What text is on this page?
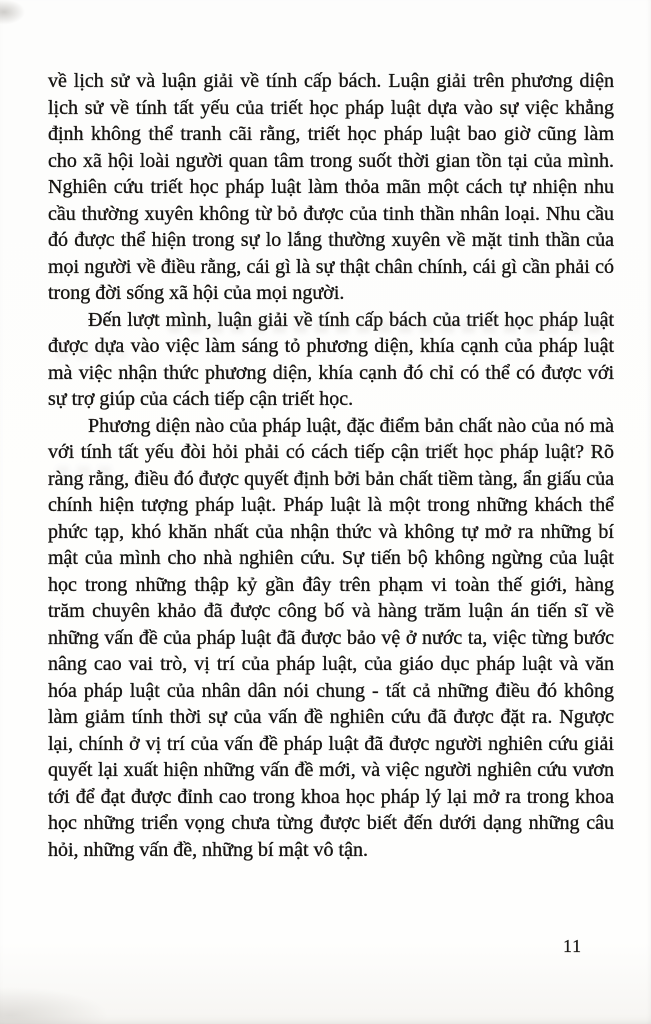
về lịch sử và luận giải về tính cấp bách. Luận giải trên phương diện lịch sử về tính tất yếu của triết học pháp luật dựa vào sự việc khẳng định không thể tranh cãi rằng, triết học pháp luật bao giờ cũng làm cho xã hội loài người quan tâm trong suốt thời gian tồn tại của mình. Nghiên cứu triết học pháp luật làm thỏa mãn một cách tự nhiện nhu cầu thường xuyên không từ bỏ được của tinh thần nhân loại. Nhu cầu đó được thể hiện trong sự lo lắng thường xuyên về mặt tinh thần của mọi người về điều rằng, cái gì là sự thật chân chính, cái gì cần phải có trong đời sống xã hội của mọi người.

Đến lượt mình, luận giải về tính cấp bách của triết học pháp luật được dựa vào việc làm sáng tỏ phương diện, khía cạnh của pháp luật mà việc nhận thức phương diện, khía cạnh đó chỉ có thể có được với sự trợ giúp của cách tiếp cận triết học.

Phương diện nào của pháp luật, đặc điểm bản chất nào của nó mà với tính tất yếu đòi hỏi phải có cách tiếp cận triết học pháp luật? Rõ ràng rằng, điều đó được quyết định bởi bản chất tiềm tàng, ẩn giấu của chính hiện tượng pháp luật. Pháp luật là một trong những khách thể phức tạp, khó khăn nhất của nhận thức và không tự mở ra những bí mật của mình cho nhà nghiên cứu. Sự tiến bộ không ngừng của luật học trong những thập kỷ gần đây trên phạm vi toàn thế giới, hàng trăm chuyên khảo đã được công bố và hàng trăm luận án tiến sĩ về những vấn đề của pháp luật đã được bảo vệ ở nước ta, việc từng bước nâng cao vai trò, vị trí của pháp luật, của giáo dục pháp luật và văn hóa pháp luật của nhân dân nói chung - tất cả những điều đó không làm giảm tính thời sự của vấn đề nghiên cứu đã được đặt ra. Ngược lại, chính ở vị trí của vấn đề pháp luật đã được người nghiên cứu giải quyết lại xuất hiện những vấn đề mới, và việc người nghiên cứu vươn tới để đạt được đỉnh cao trong khoa học pháp lý lại mở ra trong khoa học những triển vọng chưa từng được biết đến dưới dạng những câu hỏi, những vấn đề, những bí mật vô tận.

11
